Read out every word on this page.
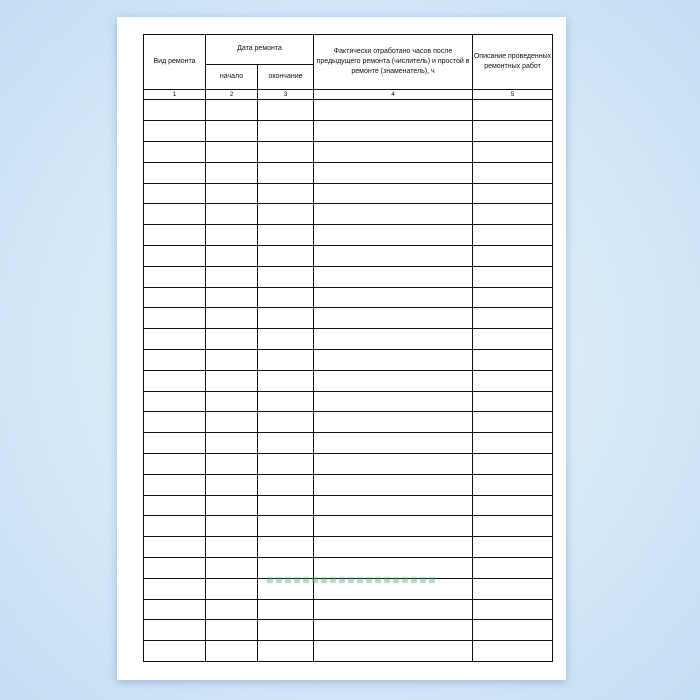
Вид ремонта	Дата ремонта		Фактически отработано часов после предыдущего ремонта (числитель) и простой в ремонте (знаменатель), ч	Описание проведенных ремонтных работ
	начало	окончание		
1	2	3	4	5
